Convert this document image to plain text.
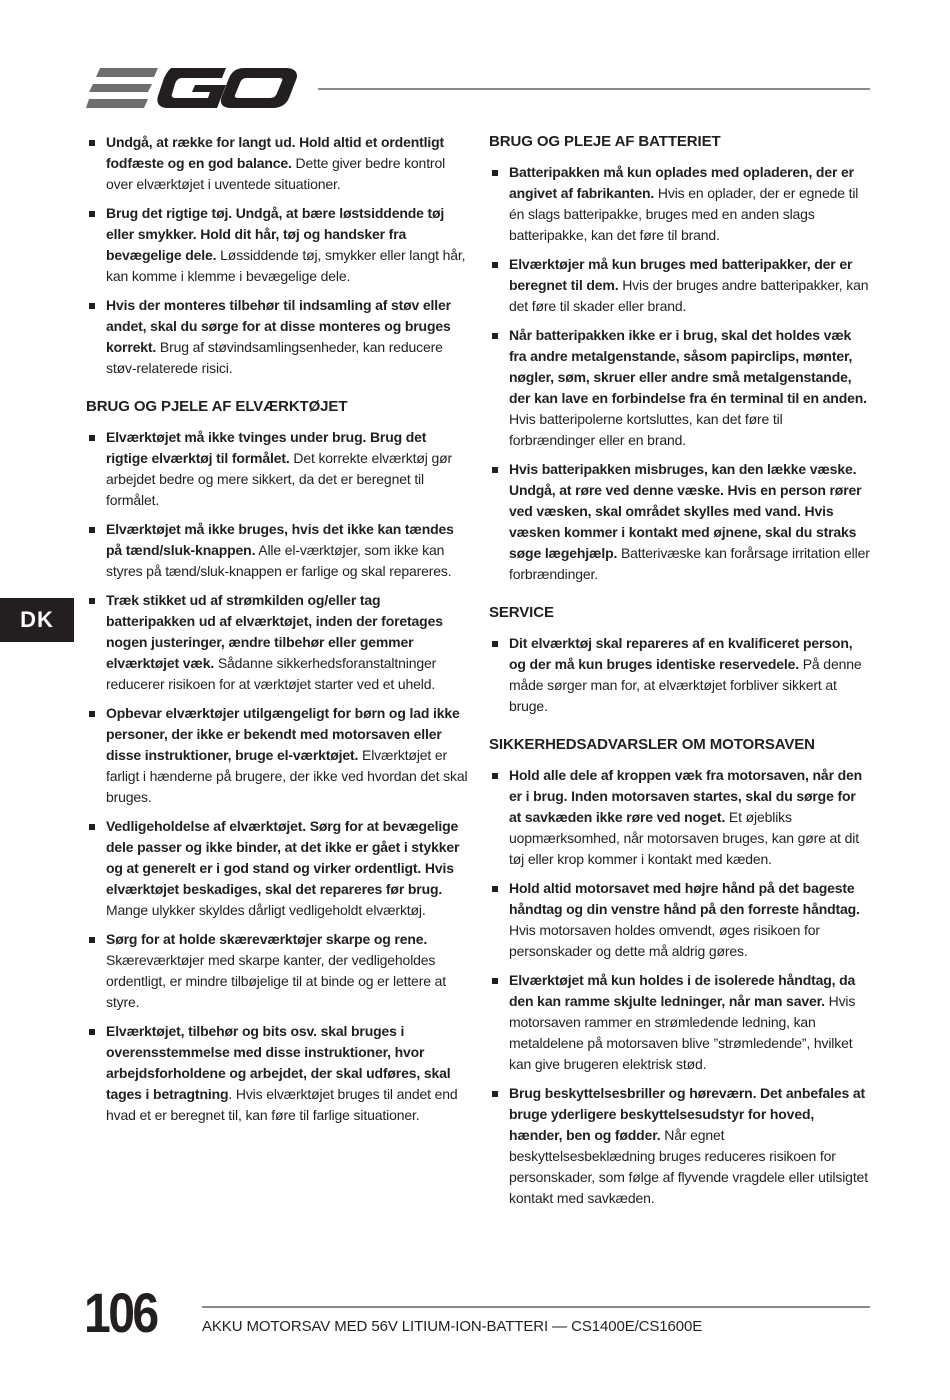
DK
Undgå, at række for langt ud. Hold altid et ordentligt fodfæste og en god balance. Dette giver bedre kontrol over elværktøjet i uventede situationer.
Brug det rigtige tøj. Undgå, at bære løstsiddende tøj eller smykker. Hold dit hår, tøj og handsker fra bevægelige dele. Løssiddende tøj, smykker eller langt hår, kan komme i klemme i bevægelige dele.
Hvis der monteres tilbehør til indsamling af støv eller andet, skal du sørge for at disse monteres og bruges korrekt. Brug af støvindsamlingsenheder, kan reducere støv-relaterede risici.
BRUG OG PJELE AF ELVÆRKTØJET
Elværktøjet må ikke tvinges under brug. Brug det rigtige elværktøj til formålet. Det korrekte elværktøj gør arbejdet bedre og mere sikkert, da det er beregnet til formålet.
Elværktøjet må ikke bruges, hvis det ikke kan tændes på tænd/sluk-knappen. Alle el-værktøjer, som ikke kan styres på tænd/sluk-knappen er farlige og skal repareres.
Træk stikket ud af strømkilden og/eller tag batteripakken ud af elværktøjet, inden der foretages nogen justeringer, ændre tilbehør eller gemmer elværktøjet væk. Sådanne sikkerhedsforanstaltninger reducerer risikoen for at værktøjet starter ved et uheld.
Opbevar elværktøjer utilgængeligt for børn og lad ikke personer, der ikke er bekendt med motorsaven eller disse instruktioner, bruge el-værktøjet. Elværktøjet er farligt i hænderne på brugere, der ikke ved hvordan det skal bruges.
Vedligeholdelse af elværktøjet. Sørg for at bevægelige dele passer og ikke binder, at det ikke er gået i stykker og at generelt er i god stand og virker ordentligt. Hvis elværktøjet beskadiges, skal det repareres før brug. Mange ulykker skyldes dårligt vedligeholdt elværktøj.
Sørg for at holde skæreværktøjer skarpe og rene. Skæreværktøjer med skarpe kanter, der vedligeholdes ordentligt, er mindre tilbøjelige til at binde og er lettere at styre.
Elværktøjet, tilbehør og bits osv. skal bruges i overensstemmelse med disse instruktioner, hvor arbejdsforholdene og arbejdet, der skal udføres, skal tages i betragtning. Hvis elværktøjet bruges til andet end hvad et er beregnet til, kan føre til farlige situationer.
BRUG OG PLEJE AF BATTERIET
Batteripakken må kun oplades med opladeren, der er angivet af fabrikanten. Hvis en oplader, der er egnede til én slags batteripakke, bruges med en anden slags batteripakke, kan det føre til brand.
Elværktøjer må kun bruges med batteripakker, der er beregnet til dem. Hvis der bruges andre batteripakker, kan det føre til skader eller brand.
Når batteripakken ikke er i brug, skal det holdes væk fra andre metalgenstande, såsom papirclips, mønter, nøgler, søm, skruer eller andre små metalgenstande, der kan lave en forbindelse fra én terminal til en anden. Hvis batteripolerne kortsluttes, kan det føre til forbrændinger eller en brand.
Hvis batteripakken misbruges, kan den lække væske. Undgå, at røre ved denne væske. Hvis en person rører ved væsken, skal området skylles med vand. Hvis væsken kommer i kontakt med øjnene, skal du straks søge lægehjælp. Batterivæske kan forårsage irritation eller forbrændinger.
SERVICE
Dit elværktøj skal repareres af en kvalificeret person, og der må kun bruges identiske reservedele. På denne måde sørger man for, at elværktøjet forbliver sikkert at bruge.
SIKKERHEDSADVARSLER OM MOTORSAVEN
Hold alle dele af kroppen væk fra motorsaven, når den er i brug. Inden motorsaven startes, skal du sørge for at savkæden ikke røre ved noget. Et øjebliks uopmærksomhed, når motorsaven bruges, kan gøre at dit tøj eller krop kommer i kontakt med kæden.
Hold altid motorsavet med højre hånd på det bageste håndtag og din venstre hånd på den forreste håndtag. Hvis motorsaven holdes omvendt, øges risikoen for personskader og dette må aldrig gøres.
Elværktøjet må kun holdes i de isolerede håndtag, da den kan ramme skjulte ledninger, når man saver. Hvis motorsaven rammer en strømledende ledning, kan metaldelene på motorsaven blive ”strømledende”, hvilket kan give brugeren elektrisk stød.
Brug beskyttelsesbriller og høreværn. Det anbefales at bruge yderligere beskyttelsesudstyr for hoved, hænder, ben og fødder. Når egnet beskyttelsesbeklædning bruges reduceres risikoen for personskader, som følge af flyvende vragdele eller utilsigtet kontakt med savkæden.
106	AKKU MOTORSAV MED 56V LITIUM-ION-BATTERI — CS1400E/CS1600E
